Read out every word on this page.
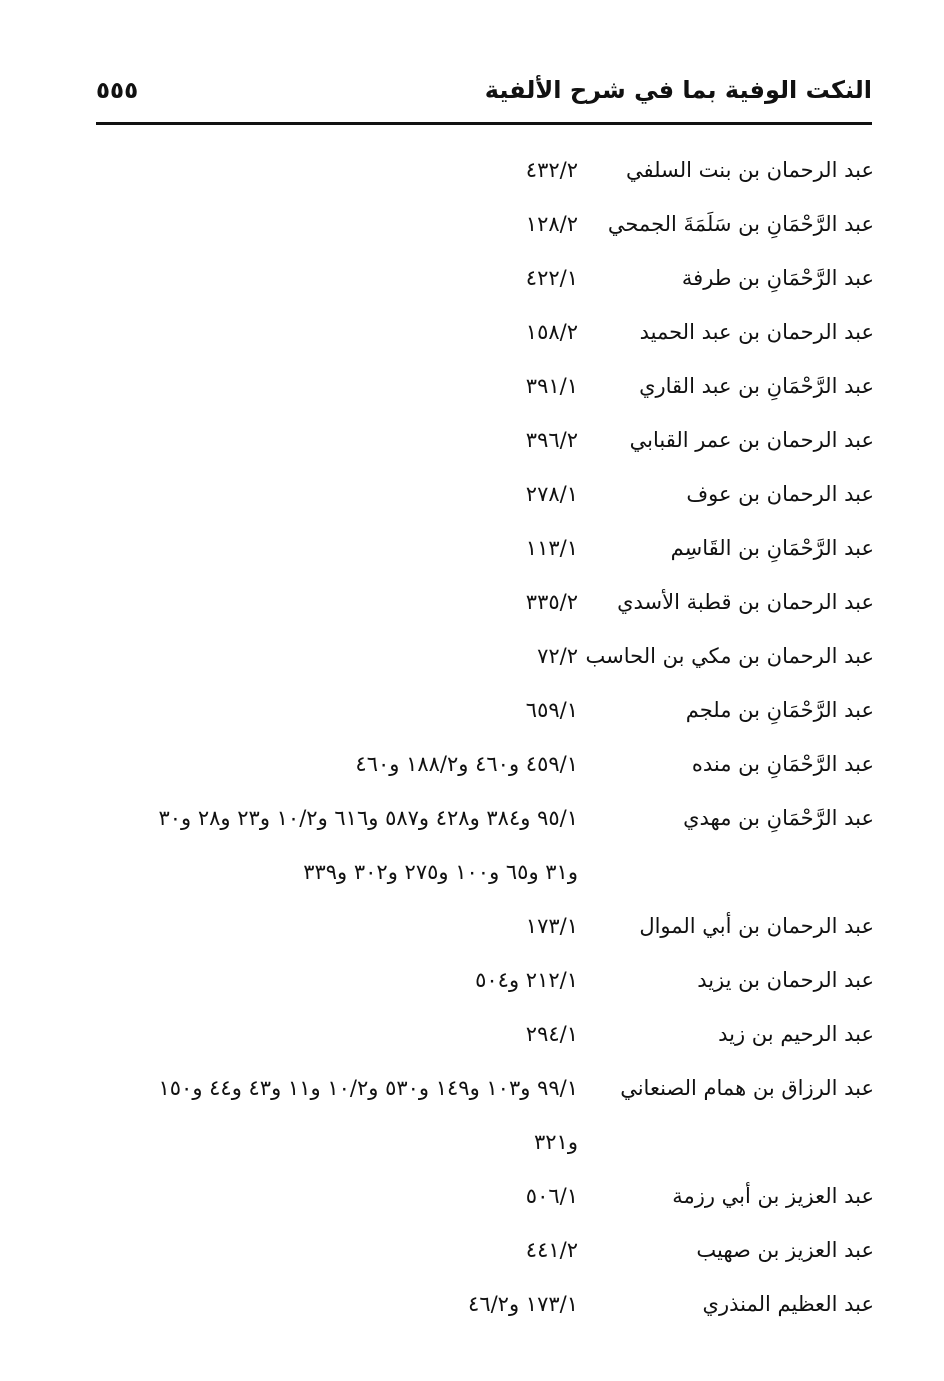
النكت الوفية بما في شرح الألفية
٥٥٥
عبد الرحمان بن بنت السلفي
٤٣٢/٢
عبد الرَّحْمَانِ بن سَلَمَةَ الجمحي
١٢٨/٢
عبد الرَّحْمَانِ بن طرفة
٤٢٢/١
عبد الرحمان بن عبد الحميد
١٥٨/٢
عبد الرَّحْمَانِ بن عبد القاري
٣٩١/١
عبد الرحمان بن عمر القبابي
٣٩٦/٢
عبد الرحمان بن عوف
٢٧٨/١
عبد الرَّحْمَانِ بن القَاسِم
١١٣/١
عبد الرحمان بن قطبة الأسدي
٣٣٥/٢
عبد الرحمان بن مكي بن الحاسب
٧٢/٢
عبد الرَّحْمَانِ بن ملجم
٦٥٩/١
عبد الرَّحْمَانِ بن منده
٤٥٩/١ و٤٦٠ و١٨٨/٢ و٤٦٠
عبد الرَّحْمَانِ بن مهدي
٩٥/١ و٣٨٤ و٤٢٨ و٥٨٧ و٦١٦ و١٠/٢ و٢٣ و٢٨ و٣٠
و٣١ و٦٥ و١٠٠ و٢٧٥ و٣٠٢ و٣٣٩
عبد الرحمان بن أبي الموال
١٧٣/١
عبد الرحمان بن يزيد
٢١٢/١ و٥٠٤
عبد الرحيم بن زيد
٢٩٤/١
عبد الرزاق بن همام الصنعاني
٩٩/١ و١٠٣ و١٤٩ و٥٣٠ و١٠/٢ و١١ و٤٣ و٤٤ و١٥٠
و٣٢١
عبد العزيز بن أبي رزمة
٥٠٦/١
عبد العزيز بن صهيب
٤٤١/٢
عبد العظيم المنذري
١٧٣/١ و٤٦/٢
